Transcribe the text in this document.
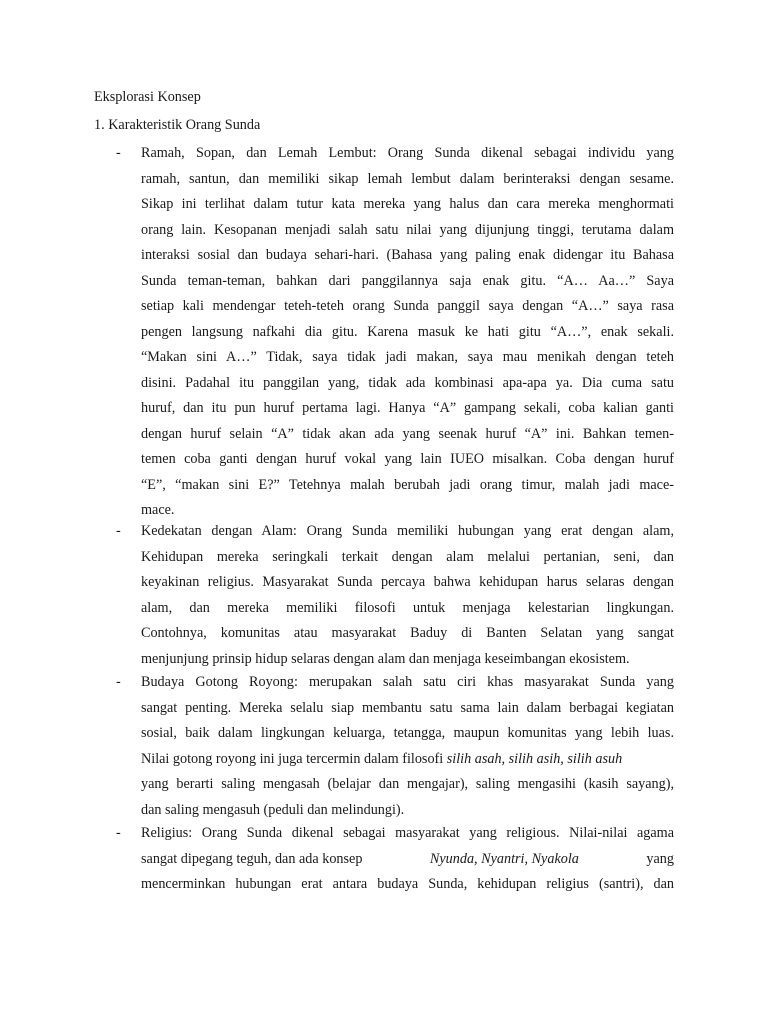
Eksplorasi Konsep
1. Karakteristik Orang Sunda
- Ramah, Sopan, dan Lemah Lembut: Orang Sunda dikenal sebagai individu yang
ramah, santun, dan memiliki sikap lemah lembut dalam berinteraksi dengan sesame.
Sikap ini terlihat dalam tutur kata mereka yang halus dan cara mereka menghormati
orang lain. Kesopanan menjadi salah satu nilai yang dijunjung tinggi, terutama dalam
interaksi sosial dan budaya sehari-hari. (Bahasa yang paling enak didengar itu Bahasa
Sunda teman-teman, bahkan dari panggilannya saja enak gitu. “A… Aa…” Saya
setiap kali mendengar teteh-teteh orang Sunda panggil saya dengan “A…” saya rasa
pengen langsung nafkahi dia gitu. Karena masuk ke hati gitu “A…”, enak sekali.
“Makan sini A…” Tidak, saya tidak jadi makan, saya mau menikah dengan teteh
disini. Padahal itu panggilan yang, tidak ada kombinasi apa-apa ya. Dia cuma satu
huruf, dan itu pun huruf pertama lagi. Hanya “A” gampang sekali, coba kalian ganti
dengan huruf selain “A” tidak akan ada yang seenak huruf “A” ini. Bahkan temen-
temen coba ganti dengan huruf vokal yang lain IUEO misalkan. Coba dengan huruf
“E”, “makan sini E?” Tetehnya malah berubah jadi orang timur, malah jadi mace-
mace.
- Kedekatan dengan Alam: Orang Sunda memiliki hubungan yang erat dengan alam,
Kehidupan mereka seringkali terkait dengan alam melalui pertanian, seni, dan
keyakinan religius. Masyarakat Sunda percaya bahwa kehidupan harus selaras dengan
alam, dan mereka memiliki filosofi untuk menjaga kelestarian lingkungan.
Contohnya, komunitas atau masyarakat Baduy di Banten Selatan yang sangat
menjunjung prinsip hidup selaras dengan alam dan menjaga keseimbangan ekosistem.
- Budaya Gotong Royong: merupakan salah satu ciri khas masyarakat Sunda yang
sangat penting. Mereka selalu siap membantu satu sama lain dalam berbagai kegiatan
sosial, baik dalam lingkungan keluarga, tetangga, maupun komunitas yang lebih luas.
Nilai gotong royong ini juga tercermin dalam filosofi silih asah, silih asih, silih asuh
yang berarti saling mengasah (belajar dan mengajar), saling mengasihi (kasih sayang),
dan saling mengasuh (peduli dan melindungi).
- Religius: Orang Sunda dikenal sebagai masyarakat yang religious. Nilai-nilai agama
sangat dipegang teguh, dan ada konsep	Nyunda, Nyantri, Nyakola	yang
mencerminkan hubungan erat antara budaya Sunda, kehidupan religius (santri), dan
